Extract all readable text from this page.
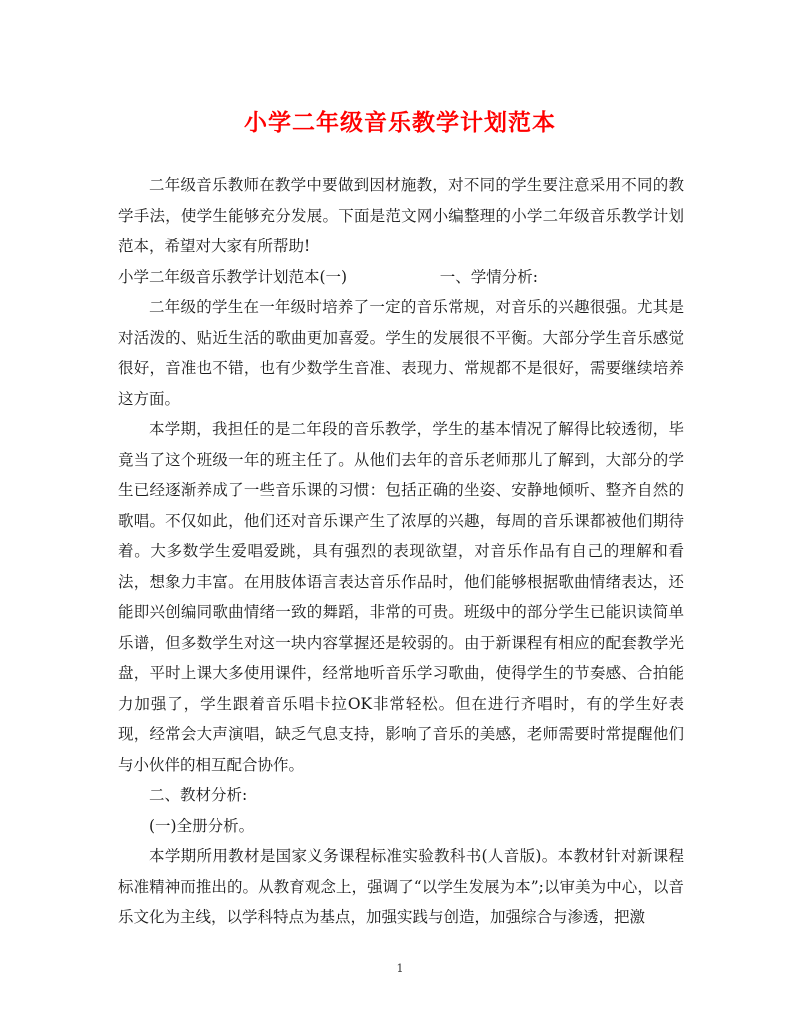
小学二年级音乐教学计划范本

二年级音乐教师在教学中要做到因材施教，对不同的学生要注意采用不同的教学手法，使学生能够充分发展。下面是范文网小编整理的小学二年级音乐教学计划范本，希望对大家有所帮助!

小学二年级音乐教学计划范本(一)	一、学情分析:

二年级的学生在一年级时培养了一定的音乐常规，对音乐的兴趣很强。尤其是对活泼的、贴近生活的歌曲更加喜爱。学生的发展很不平衡。大部分学生音乐感觉很好，音准也不错，也有少数学生音准、表现力、常规都不是很好，需要继续培养这方面。

本学期，我担任的是二年段的音乐教学，学生的基本情况了解得比较透彻，毕竟当了这个班级一年的班主任了。从他们去年的音乐老师那儿了解到，大部分的学生已经逐渐养成了一些音乐课的习惯：包括正确的坐姿、安静地倾听、整齐自然的歌唱。不仅如此，他们还对音乐课产生了浓厚的兴趣，每周的音乐课都被他们期待着。大多数学生爱唱爱跳，具有强烈的表现欲望，对音乐作品有自己的理解和看法，想象力丰富。在用肢体语言表达音乐作品时，他们能够根据歌曲情绪表达，还能即兴创编同歌曲情绪一致的舞蹈，非常的可贵。班级中的部分学生已能识读简单乐谱，但多数学生对这一块内容掌握还是较弱的。由于新课程有相应的配套教学光盘，平时上课大多使用课件，经常地听音乐学习歌曲，使得学生的节奏感、合拍能力加强了，学生跟着音乐唱卡拉OK非常轻松。但在进行齐唱时，有的学生好表现，经常会大声演唱，缺乏气息支持，影响了音乐的美感，老师需要时常提醒他们与小伙伴的相互配合协作。

二、教材分析:

(一)全册分析。

本学期所用教材是国家义务课程标准实验教科书(人音版)。本教材针对新课程标准精神而推出的。从教育观念上，强调了“以学生发展为本”;以审美为中心，以音乐文化为主线，以学科特点为基点，加强实践与创造，加强综合与渗透，把激

1
